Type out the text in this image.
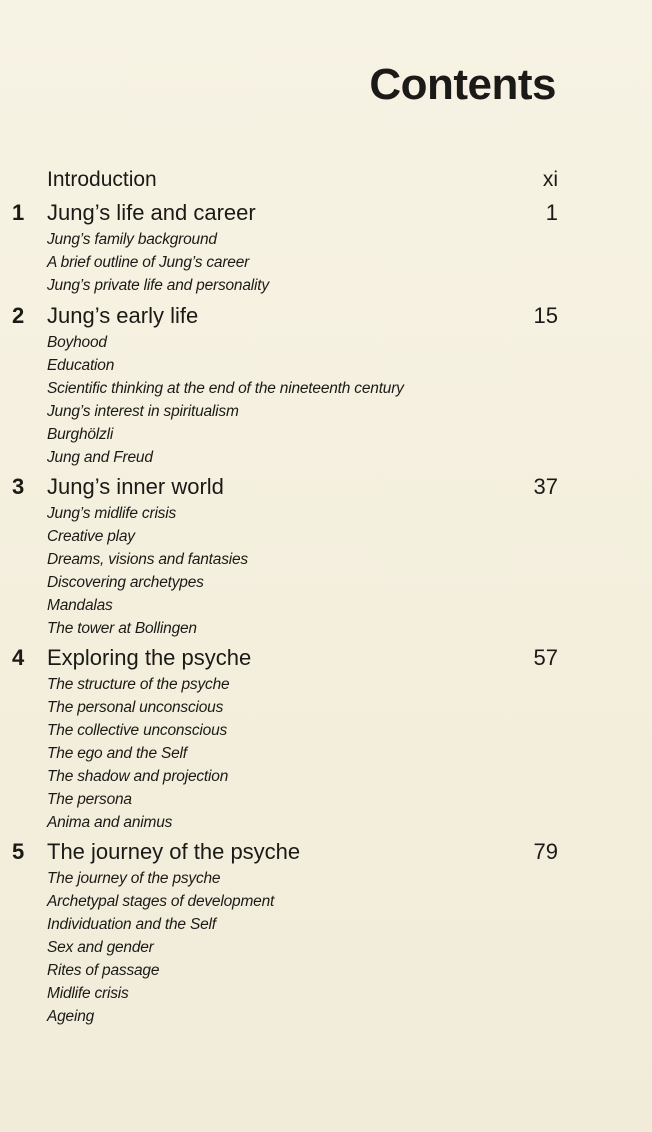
Contents
Introduction	xi
1 Jung’s life and career	1
Jung’s family background
A brief outline of Jung’s career
Jung’s private life and personality
2 Jung’s early life	15
Boyhood
Education
Scientific thinking at the end of the nineteenth century
Jung’s interest in spiritualism
Burghölzli
Jung and Freud
3 Jung’s inner world	37
Jung’s midlife crisis
Creative play
Dreams, visions and fantasies
Discovering archetypes
Mandalas
The tower at Bollingen
4 Exploring the psyche	57
The structure of the psyche
The personal unconscious
The collective unconscious
The ego and the Self
The shadow and projection
The persona
Anima and animus
5 The journey of the psyche	79
The journey of the psyche
Archetypal stages of development
Individuation and the Self
Sex and gender
Rites of passage
Midlife crisis
Ageing
